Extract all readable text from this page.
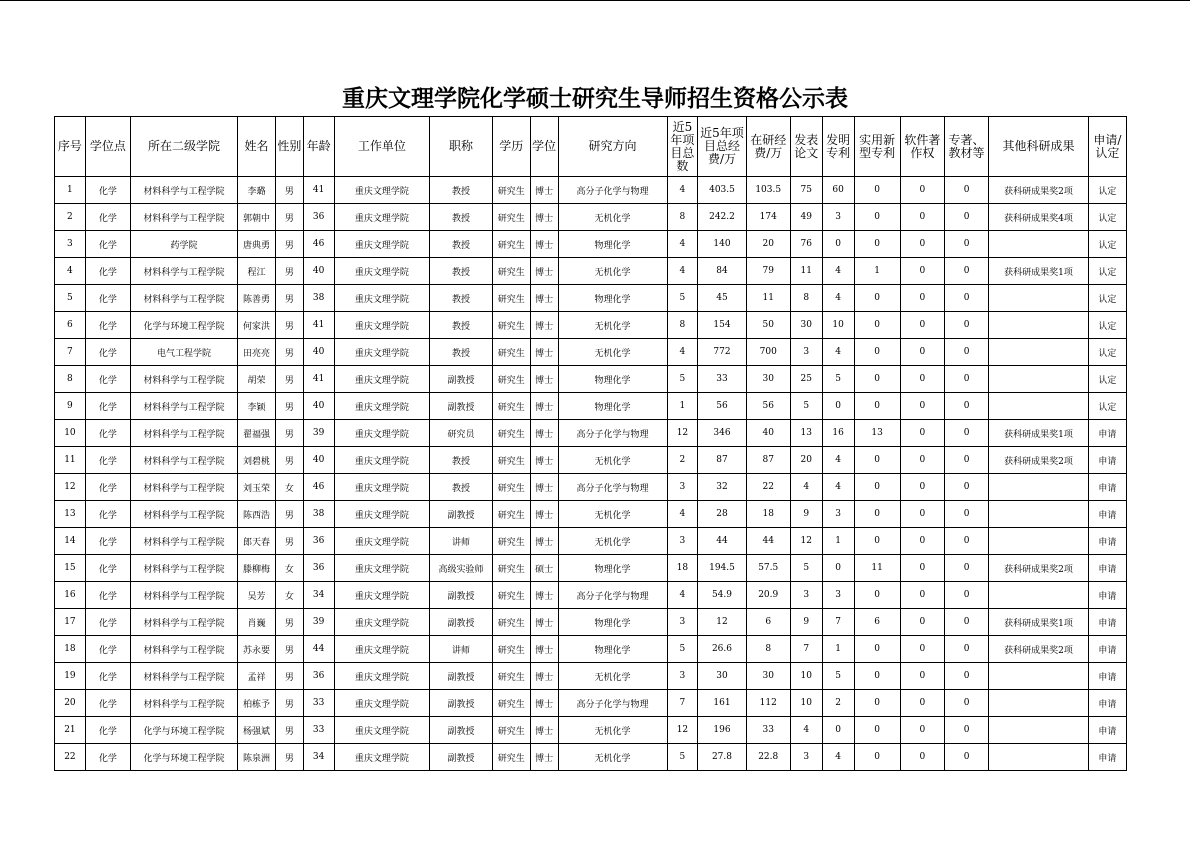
重庆文理学院化学硕士研究生导师招生资格公示表
序号	学位点	所在二级学院	姓名	性别	年龄	工作单位	职称	学历	学位	研究方向	近5年项目总数	近5年项目总经费/万	在研经费/万	发表论文	发明专利	实用新型专利	软件著作权	专著、教材等	其他科研成果	申请/认定
1	化学	材料科学与工程学院	李璐	男	41	重庆文理学院	教授	研究生	博士	高分子化学与物理	4	403.5	103.5	75	60	0	0	0	获科研成果奖2项	认定
2	化学	材料科学与工程学院	郭朝中	男	36	重庆文理学院	教授	研究生	博士	无机化学	8	242.2	174	49	3	0	0	0	获科研成果奖4项	认定
3	化学	药学院	唐典勇	男	46	重庆文理学院	教授	研究生	博士	物理化学	4	140	20	76	0	0	0	0		认定
4	化学	材料科学与工程学院	程江	男	40	重庆文理学院	教授	研究生	博士	无机化学	4	84	79	11	4	1	0	0	获科研成果奖1项	认定
5	化学	材料科学与工程学院	陈善勇	男	38	重庆文理学院	教授	研究生	博士	物理化学	5	45	11	8	4	0	0	0		认定
6	化学	化学与环境工程学院	何家洪	男	41	重庆文理学院	教授	研究生	博士	无机化学	8	154	50	30	10	0	0	0		认定
7	化学	电气工程学院	田亮亮	男	40	重庆文理学院	教授	研究生	博士	无机化学	4	772	700	3	4	0	0	0		认定
8	化学	材料科学与工程学院	胡荣	男	41	重庆文理学院	副教授	研究生	博士	物理化学	5	33	30	25	5	0	0	0		认定
9	化学	材料科学与工程学院	李颖	男	40	重庆文理学院	副教授	研究生	博士	物理化学	1	56	56	5	0	0	0	0		认定
10	化学	材料科学与工程学院	翟福强	男	39	重庆文理学院	研究员	研究生	博士	高分子化学与物理	12	346	40	13	16	13	0	0	获科研成果奖1项	申请
11	化学	材料科学与工程学院	刘碧桃	男	40	重庆文理学院	教授	研究生	博士	无机化学	2	87	87	20	4	0	0	0	获科研成果奖2项	申请
12	化学	材料科学与工程学院	刘玉荣	女	46	重庆文理学院	教授	研究生	博士	高分子化学与物理	3	32	22	4	4	0	0	0		申请
13	化学	材料科学与工程学院	陈西浩	男	38	重庆文理学院	副教授	研究生	博士	无机化学	4	28	18	9	3	0	0	0		申请
14	化学	材料科学与工程学院	郎天春	男	36	重庆文理学院	讲师	研究生	博士	无机化学	3	44	44	12	1	0	0	0		申请
15	化学	材料科学与工程学院	滕柳梅	女	36	重庆文理学院	高级实验师	研究生	硕士	物理化学	18	194.5	57.5	5	0	11	0	0	获科研成果奖2项	申请
16	化学	材料科学与工程学院	吴芳	女	34	重庆文理学院	副教授	研究生	博士	高分子化学与物理	4	54.9	20.9	3	3	0	0	0		申请
17	化学	材料科学与工程学院	肖巍	男	39	重庆文理学院	副教授	研究生	博士	物理化学	3	12	6	9	7	6	0	0	获科研成果奖1项	申请
18	化学	材料科学与工程学院	苏永要	男	44	重庆文理学院	讲师	研究生	博士	物理化学	5	26.6	8	7	1	0	0	0	获科研成果奖2项	申请
19	化学	材料科学与工程学院	孟祥	男	36	重庆文理学院	副教授	研究生	博士	无机化学	3	30	30	10	5	0	0	0		申请
20	化学	材料科学与工程学院	柏栋予	男	33	重庆文理学院	副教授	研究生	博士	高分子化学与物理	7	161	112	10	2	0	0	0		申请
21	化学	化学与环境工程学院	杨强斌	男	33	重庆文理学院	副教授	研究生	博士	无机化学	12	196	33	4	0	0	0	0		申请
22	化学	化学与环境工程学院	陈泉洲	男	34	重庆文理学院	副教授	研究生	博士	无机化学	5	27.8	22.8	3	4	0	0	0		申请
